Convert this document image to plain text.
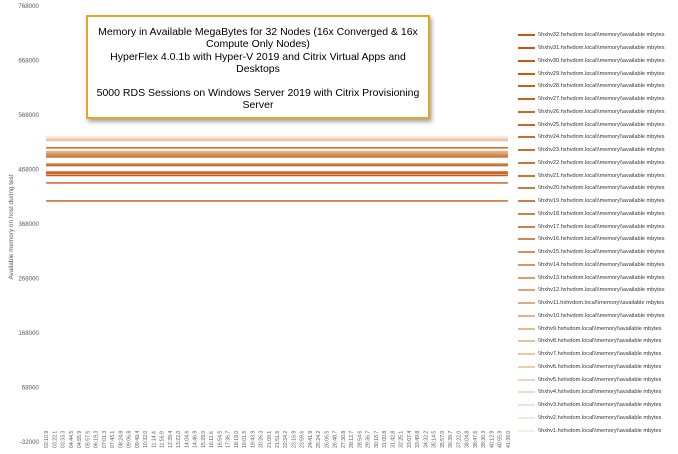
768000
668000
568000
468000
368000
268000
168000
68000
-32000 02:10.9 03:22.1 03:33.3 04:44.5 04:55.9 05:57.5 06:19.3 07:01.3 07:43.1 08:24.8 09:06.8 09:49.4 10:32.0 11:14.4 11:56.9 12:39.4 13:22.0 14:04.6 14:46.9 15:29.0 16:11.6 16:54.5 17:36.7 18:19.0 19:01.5 19:43.9 20:26.3 21:09.1 21:51.6 22:34.2 23:16.9 23:59.6 24:41.9 25:24.2 26:06.5 26:48.7 27:30.8 28:12.7 28:54.6 29:36.7 30:18.7 31:00.8 31:42.8 32:25.1 33:07.4 33:49.8 34:32.2 35:14.5 35:57.0 36:39.7 37:22.0 38:04.8 38:47.6 39:30.3 40:12.9 40:55.9 41:39.0
Available memory on host during test
Memory in Available MegaBytes for 32 Nodes (16x Converged & 16x
Compute Only Nodes)
HyperFlex 4.0.1b with Hyper-V 2019 and Citrix Virtual Apps and
Desktops
5000 RDS Sessions on Windows Server 2019 with Citrix Provisioning
Server
\\hxhv32.hxhvdom.local\\memory\\available mbytes
\\hxhv31.hxhvdom.local\\memory\\available mbytes
\\hxhv30.hxhvdom.local\\memory\\available mbytes
\\hxhv29.hxhvdom.local\\memory\\available mbytes
\\hxhv28.hxhvdom.local\\memory\\available mbytes
\\hxhv27.hxhvdom.local\\memory\\available mbytes
\\hxhv26.hxhvdom.local\\memory\\available mbytes
\\hxhv25.hxhvdom.local\\memory\\available mbytes
\\hxhv24.hxhvdom.local\\memory\\available mbytes
\\hxhv23.hxhvdom.local\\memory\\available mbytes
\\hxhv22.hxhvdom.local\\memory\\available mbytes
\\hxhv21.hxhvdom.local\\memory\\available mbytes
\\hxhv20.hxhvdom.local\\memory\\available mbytes
\\hxhv19.hxhvdom.local\\memory\\available mbytes
\\hxhv18.hxhvdom.local\\memory\\available mbytes
\\hxhv17.hxhvdom.local\\memory\\available mbytes
\\hxhv16.hxhvdom.local\\memory\\available mbytes
\\hxhv15.hxhvdom.local\\memory\\available mbytes
\\hxhv14.hxhvdom.local\\memory\\available mbytes
\\hxhv13.hxhvdom.local\\memory\\available mbytes
\\hxhv12.hxhvdom.local\\memory\\available mbytes
\\hxhv11.hxhvdom.local\\memory\\available mbytes
\\hxhv10.hxhvdom.local\\memory\\available mbytes
\\hxhv9.hxhvdom.local\\memory\\available mbytes
\\hxhv8.hxhvdom.local\\memory\\available mbytes
\\hxhv7.hxhvdom.local\\memory\\available mbytes
\\hxhv6.hxhvdom.local\\memory\\available mbytes
\\hxhv5.hxhvdom.local\\memory\\available mbytes
\\hxhv4.hxhvdom.local\\memory\\available mbytes
\\hxhv3.hxhvdom.local\\memory\\available mbytes
\\hxhv2.hxhvdom.local\\memory\\available mbytes
\\hxhv1.hxhvdom.local\\memory\\available mbytes
